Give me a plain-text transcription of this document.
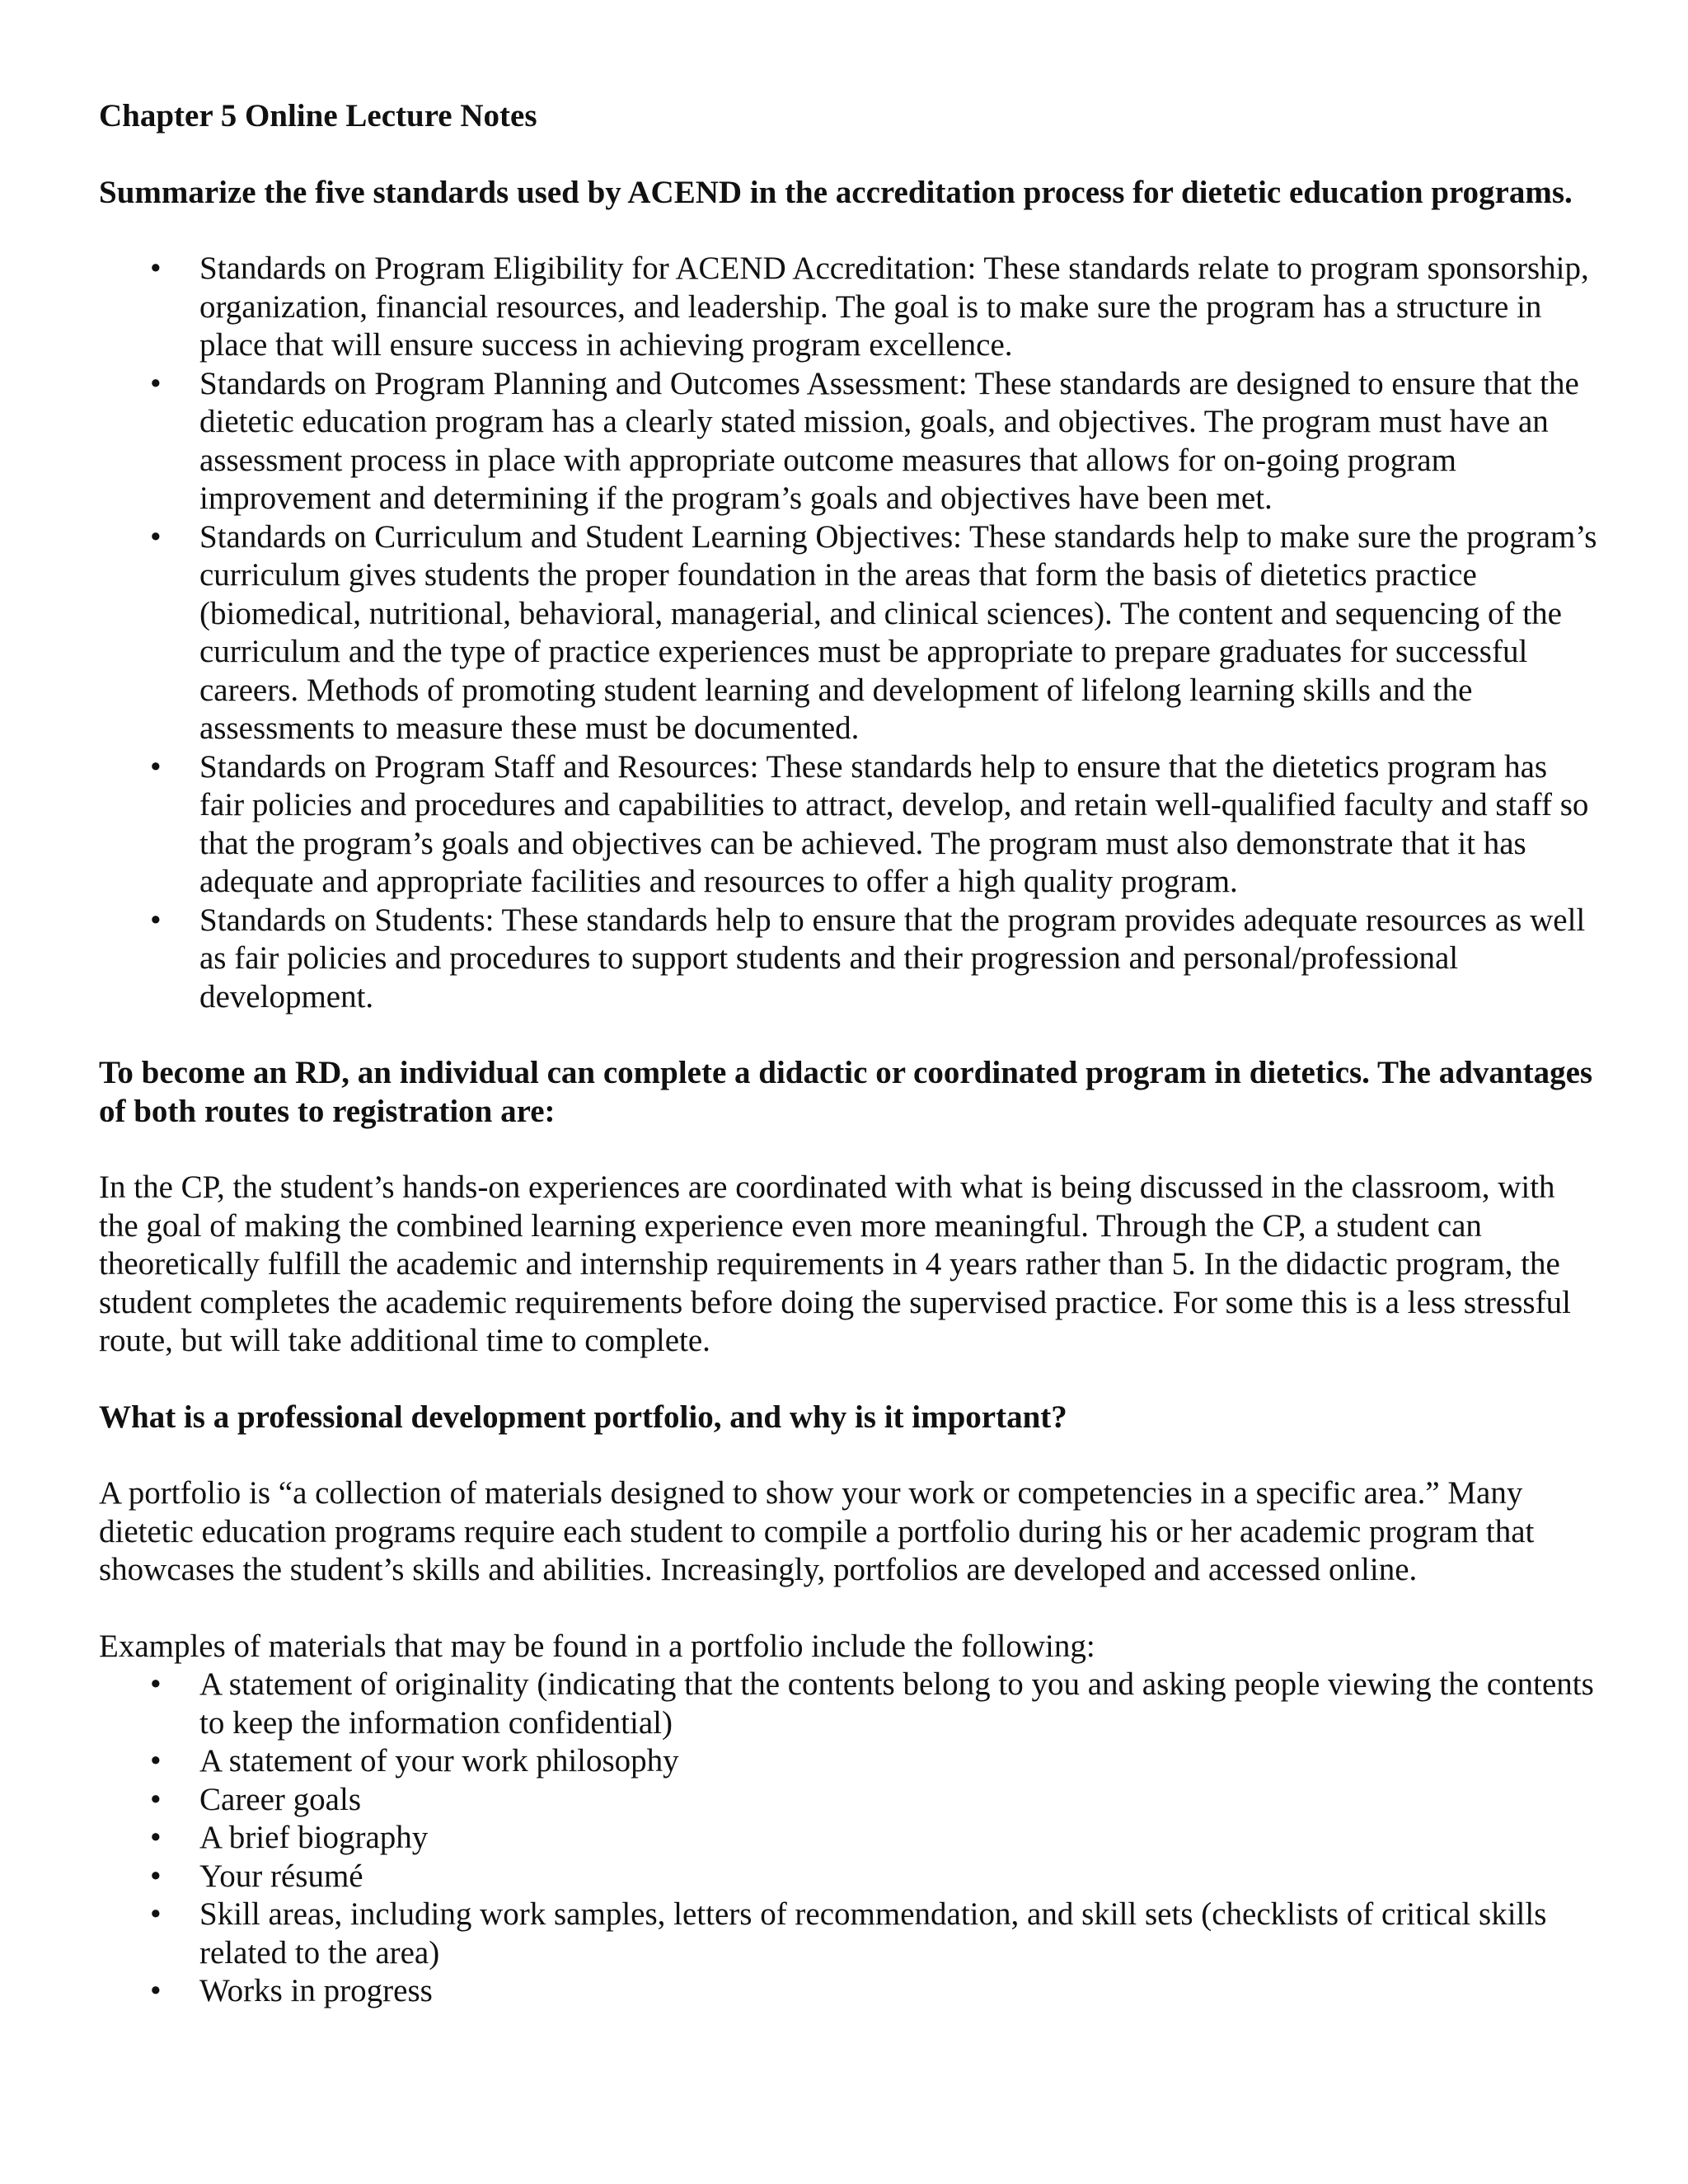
Chapter 5 Online Lecture Notes
Summarize the five standards used by ACEND in the accreditation process for dietetic education programs.
•	Standards on Program Eligibility for ACEND Accreditation: These standards relate to program sponsorship, organization, financial resources, and leadership. The goal is to make sure the program has a structure in place that will ensure success in achieving program excellence.
•	Standards on Program Planning and Outcomes Assessment: These standards are designed to ensure that the dietetic education program has a clearly stated mission, goals, and objectives. The program must have an assessment process in place with appropriate outcome measures that allows for on-going program improvement and determining if the program’s goals and objectives have been met.
•	Standards on Curriculum and Student Learning Objectives: These standards help to make sure the program’s curriculum gives students the proper foundation in the areas that form the basis of dietetics practice (biomedical, nutritional, behavioral, managerial, and clinical sciences). The content and sequencing of the curriculum and the type of practice experiences must be appropriate to prepare graduates for successful careers. Methods of promoting student learning and development of lifelong learning skills and the assessments to measure these must be documented.
•	Standards on Program Staff and Resources: These standards help to ensure that the dietetics program has fair policies and procedures and capabilities to attract, develop, and retain well-qualified faculty and staff so that the program’s goals and objectives can be achieved. The program must also demonstrate that it has adequate and appropriate facilities and resources to offer a high quality program.
•	Standards on Students: These standards help to ensure that the program provides adequate resources as well as fair policies and procedures to support students and their progression and personal/professional development.
To become an RD, an individual can complete a didactic or coordinated program in dietetics. The advantages of both routes to registration are:

In the CP, the student’s hands-on experiences are coordinated with what is being discussed in the classroom, with the goal of making the combined learning experience even more meaningful. Through the CP, a student can theoretically fulfill the academic and internship requirements in 4 years rather than 5. In the didactic program, the student completes the academic requirements before doing the supervised practice. For some this is a less stressful route, but will take additional time to complete.

What is a professional development portfolio, and why is it important?

A portfolio is “a collection of materials designed to show your work or competencies in a specific area.” Many dietetic education programs require each student to compile a portfolio during his or her academic program that showcases the student’s skills and abilities. Increasingly, portfolios are developed and accessed online.

Examples of materials that may be found in a portfolio include the following:

•	A statement of originality (indicating that the contents belong to you and asking people viewing the contents to keep the information confidential)
•	A statement of your work philosophy
•	Career goals
•	A brief biography
•	Your résumé
•	Skill areas, including work samples, letters of recommendation, and skill sets (checklists of critical skills related to the area)
•	Works in progress
